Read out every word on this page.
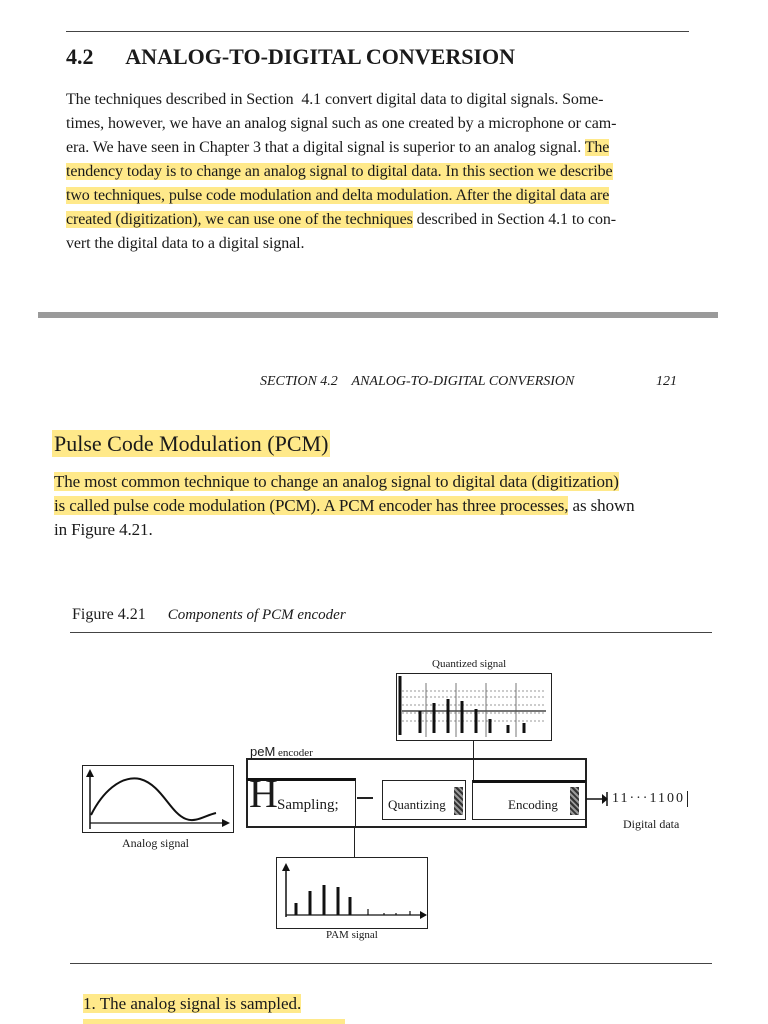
4.2 ANALOG-TO-DIGITAL CONVERSION
The techniques described in Section  4.1 convert digital data to digital signals. Some-
times, however, we have an analog signal such as one created by a microphone or cam-
era. We have seen in Chapter 3 that a digital signal is superior to an analog signal. The
tendency today is to change an analog signal to digital data. In this section we describe
two techniques, pulse code modulation and delta modulation. After the digital data are
created (digitization), we can use one of the techniques described in Section 4.1 to con-
vert the digital data to a digital signal.
SECTION 4.2    ANALOG-TO-DIGITAL CONVERSION	121
Pulse Code Modulation (PCM)
The most common technique to change an analog signal to digital data (digitization)
is called pulse code modulation (PCM). A PCM encoder has three processes, as shown
in Figure 4.21.
Figure 4.21 Components of PCM encoder
Quantized signal
peM encoder
H Sampling;	Quantizing	Encoding	11···1100
Digital data
Analog signal
PAM signal
1. The analog signal is sampled.
